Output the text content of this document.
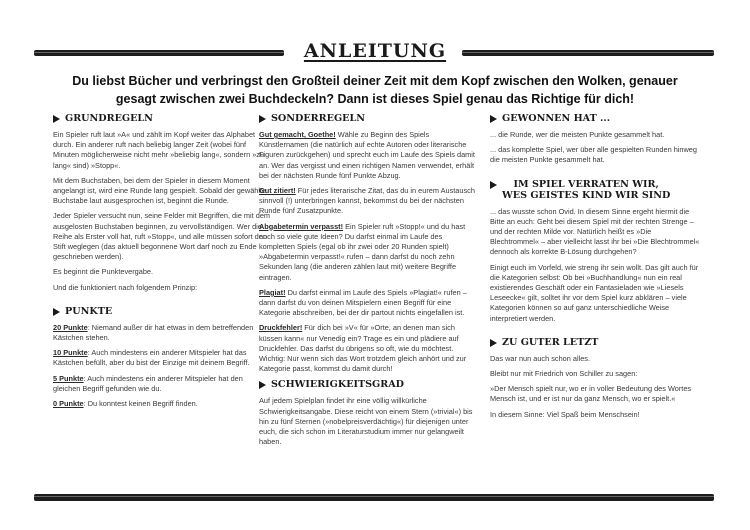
ANLEITUNG
Du liebst Bücher und verbringst den Großteil deiner Zeit mit dem Kopf zwischen den Wolken, genauer gesagt zwischen zwei Buchdeckeln? Dann ist dieses Spiel genau das Richtige für dich!
GRUNDREGELN

Ein Spieler ruft laut »A« und zählt im Kopf weiter das Alphabet durch. Ein anderer ruft nach beliebig langer Zeit (wobei fünf Minuten möglicherweise nicht mehr »beliebig lang«, sondern »zu lang« sind) »Stopp«.

Mit dem Buchstaben, bei dem der Spieler in diesem Moment angelangt ist, wird eine Runde lang gespielt. Sobald der gewählte Buchstabe laut ausgesprochen ist, beginnt die Runde.

Jeder Spieler versucht nun, seine Felder mit Begriffen, die mit dem ausgelosten Buchstaben beginnen, zu vervollständigen. Wer die Reihe als Erster voll hat, ruft »Stopp«, und alle müssen sofort den Stift weglegen (das aktuell begonnene Wort darf noch zu Ende geschrieben werden).

Es beginnt die Punktevergabe.

Und die funktioniert nach folgendem Prinzip:

PUNKTE

20 Punkte: Niemand außer dir hat etwas in dem betreffenden Kästchen stehen.

10 Punkte: Auch mindestens ein anderer Mitspieler hat das Kästchen befüllt, aber du bist der Einzige mit deinem Begriff.

5 Punkte: Auch mindestens ein anderer Mitspieler hat den gleichen Begriff gefunden wie du.

0 Punkte: Du konntest keinen Begriff finden.

SONDERREGELN

Gut gemacht, Goethe! Wähle zu Beginn des Spiels Künstlernamen (die natürlich auf echte Autoren oder literarische Figuren zurückgehen) und sprecht euch im Laufe des Spiels damit an. Wer das vergisst und einen richtigen Namen verwendet, erhält bei der nächsten Runde fünf Punkte Abzug.

Gut zitiert! Für jedes literarische Zitat, das du in eurem Austausch sinnvoll (!) unterbringen kannst, bekommst du bei der nächsten Runde fünf Zusatzpunkte.

Abgabetermin verpasst! Ein Spieler ruft »Stopp!« und du hast noch so viele gute Ideen? Du darfst einmal im Laufe des kompletten Spiels (egal ob ihr zwei oder 20 Runden spielt) »Abgabetermin verpasst!« rufen – dann darfst du noch zehn Sekunden lang (die anderen zählen laut mit) weitere Begriffe eintragen.

Plagiat! Du darfst einmal im Laufe des Spiels »Plagiat!« rufen – dann darfst du von deinen Mitspielern einen Begriff für eine Kategorie abschreiben, bei der dir partout nichts eingefallen ist.

Druckfehler! Für dich bei »V« für »Orte, an denen man sich küssen kann« nur Venedig ein? Trage es ein und plädiere auf Druckfehler. Das darfst du übrigens so oft, wie du möchtest. Wichtig: Nur wenn sich das Wort trotzdem gleich anhört und zur Kategorie passt, kommst du damit durch!

SCHWIERIGKEITSGRAD

Auf jedem Spielplan findet ihr eine völlig willkürliche Schwierigkeitsangabe. Diese reicht von einem Stern (»trivial«) bis hin zu fünf Sternen (»nobelpreisverdächtig«) für diejenigen unter euch, die sich schon im Literaturstudium immer nur gelangweilt haben.

GEWONNEN HAT ...

... die Runde, wer die meisten Punkte gesammelt hat.

... das komplette Spiel, wer über alle gespielten Runden hinweg die meisten Punkte gesammelt hat.

IM SPIEL VERRATEN WIR,
WES GEISTES KIND WIR SIND

... das wusste schon Ovid. In diesem Sinne ergeht hiermit die Bitte an euch: Geht bei diesem Spiel mit der rechten Strenge – und der rechten Milde vor. Natürlich heißt es »Die Blechtrommel« – aber vielleicht lasst ihr bei »Die Blechtrommel« dennoch als korrekte B-Lösung durchgehen?

Einigt euch im Vorfeld, wie streng ihr sein wollt. Das gilt auch für die Kategorien selbst: Ob bei »Buchhandlung« nun ein real existierendes Geschäft oder ein Fantasieladen wie »Liesels Leseecke« gilt, solltet ihr vor dem Spiel kurz abklären – viele Kategorien können so auf ganz unterschiedliche Weise interpretiert werden.

ZU GUTER LETZT

Das war nun auch schon alles.

Bleibt nur mit Friedrich von Schiller zu sagen:

»Der Mensch spielt nur, wo er in voller Bedeutung des Wortes Mensch ist, und er ist nur da ganz Mensch, wo er spielt.«

In diesem Sinne: Viel Spaß beim Menschsein!
